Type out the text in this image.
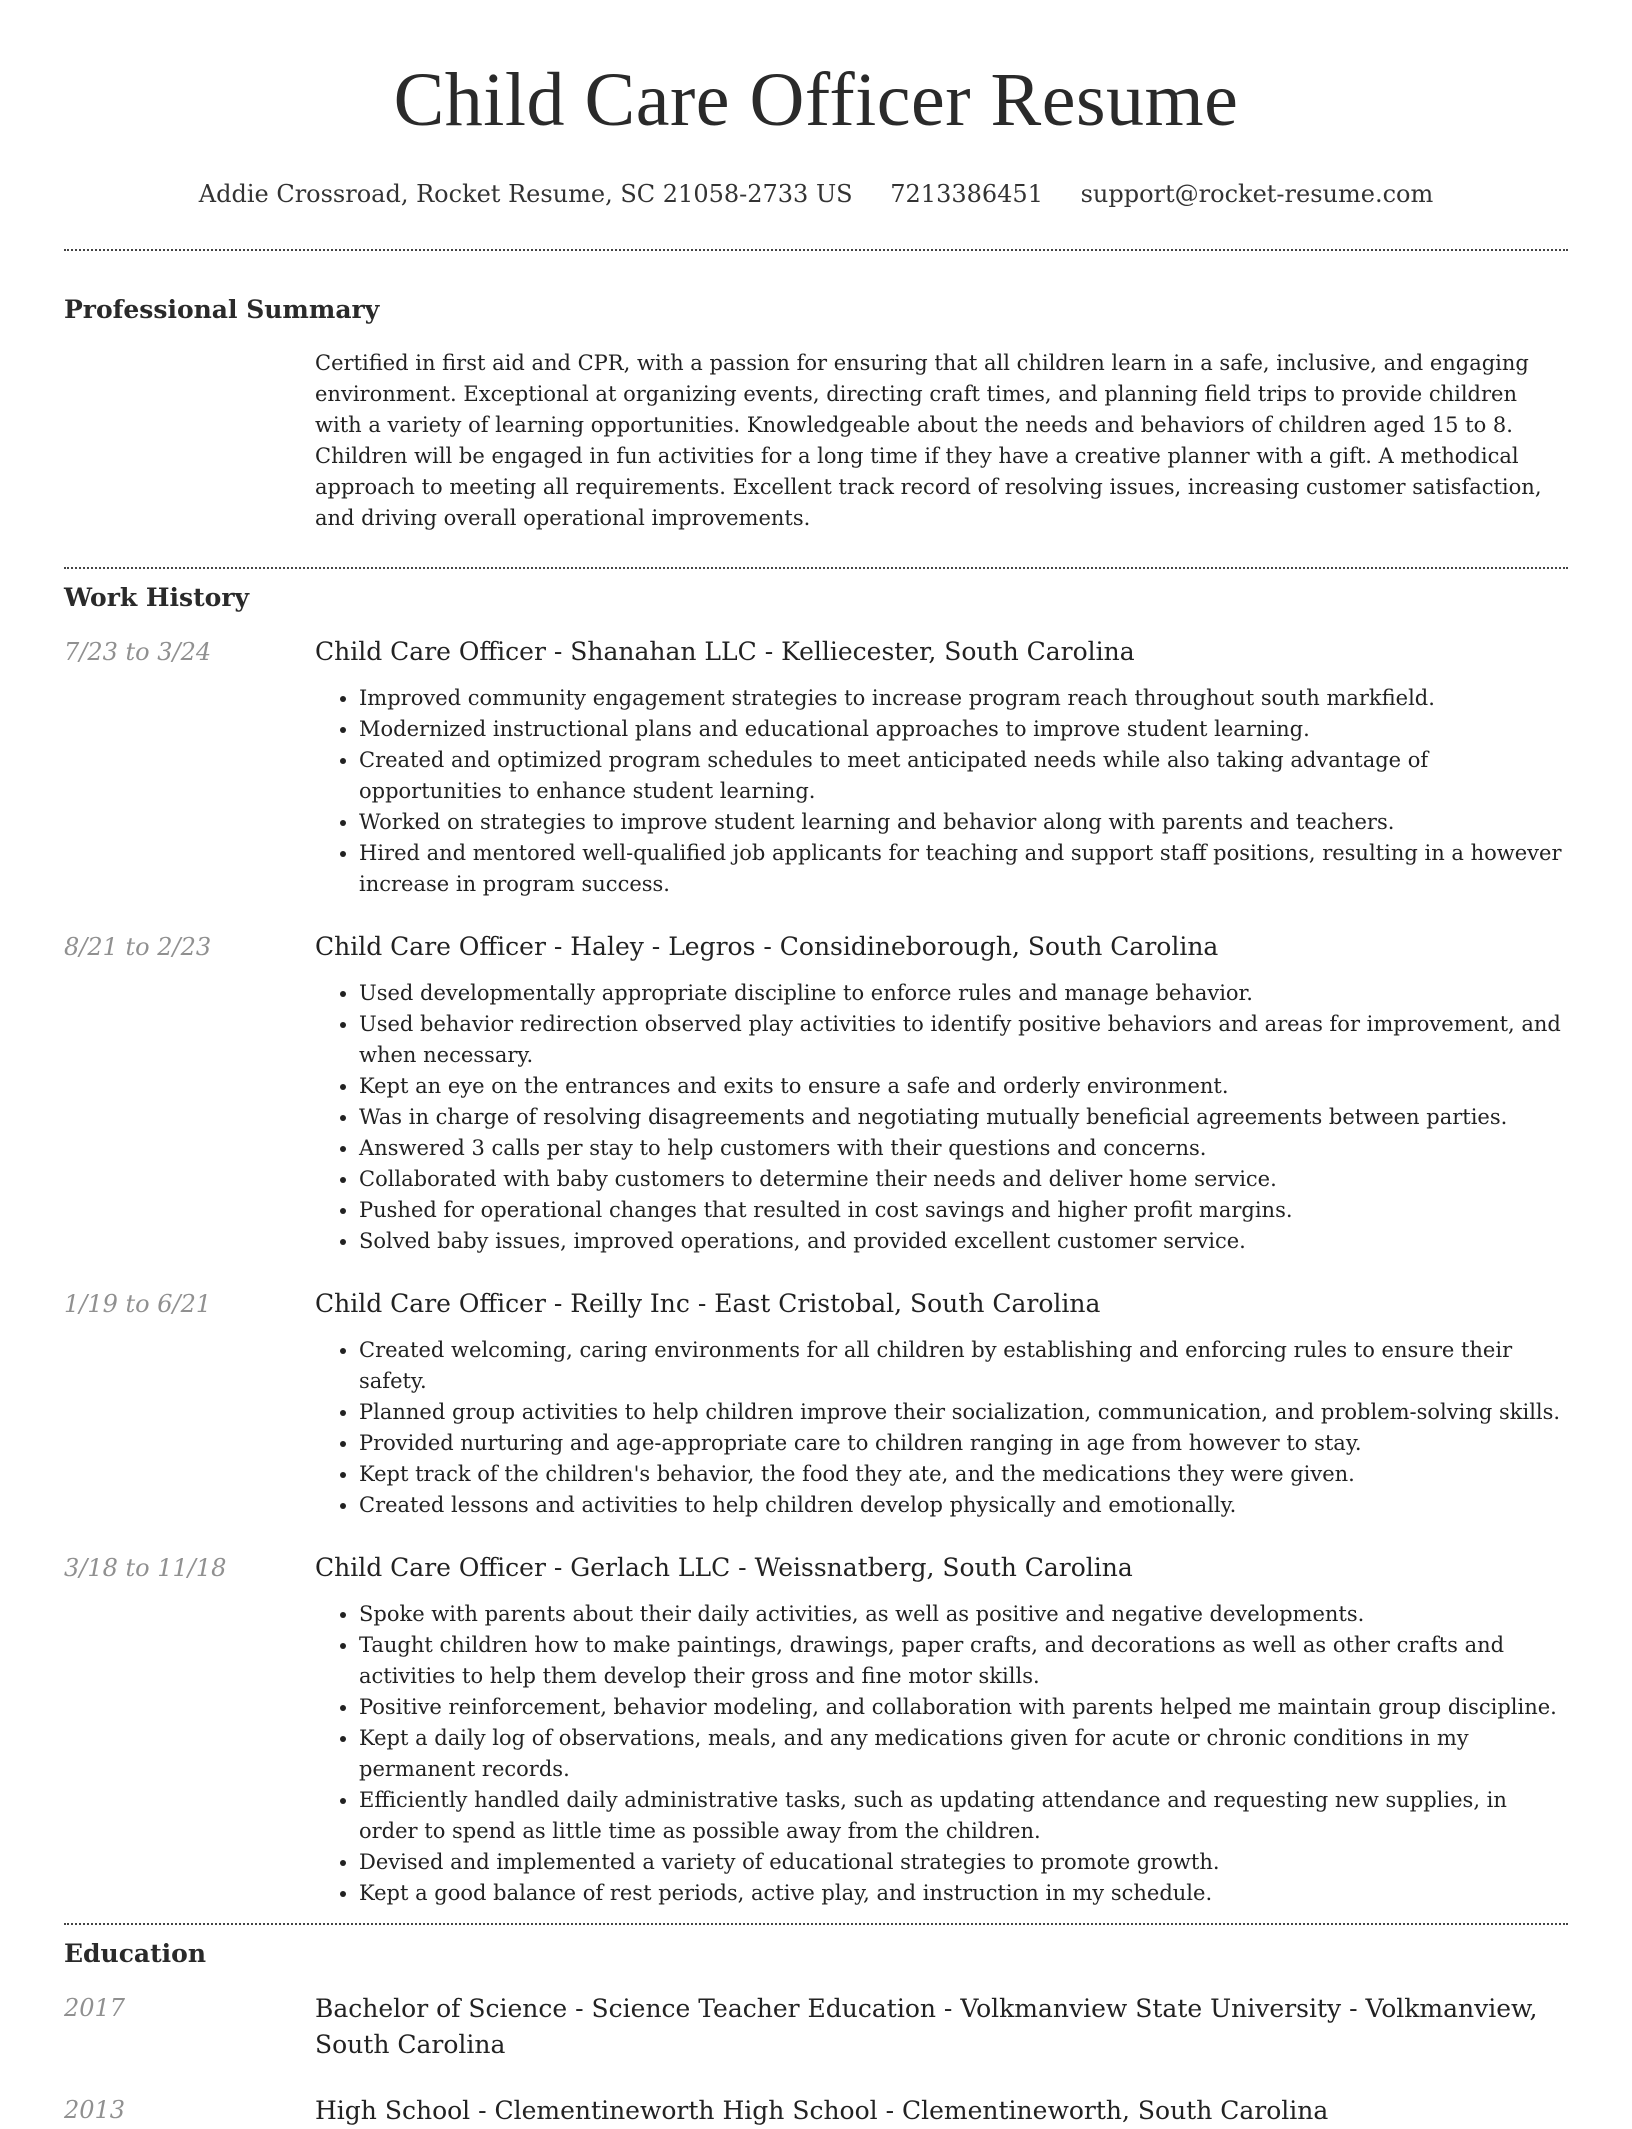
Child Care Officer Resume
Addie Crossroad, Rocket Resume, SC 21058-2733 US 7213386451 support@rocket-resume.com
Professional Summary

Certified in first aid and CPR, with a passion for ensuring that all children learn in a safe, inclusive, and engaging environment. Exceptional at organizing events, directing craft times, and planning field trips to provide children with a variety of learning opportunities. Knowledgeable about the needs and behaviors of children aged 15 to 8. Children will be engaged in fun activities for a long time if they have a creative planner with a gift. A methodical approach to meeting all requirements. Excellent track record of resolving issues, increasing customer satisfaction, and driving overall operational improvements.

Work History
7/23 to 3/24	Child Care Officer - Shanahan LLC - Kelliecester, South Carolina
• Improved community engagement strategies to increase program reach throughout south markfield.
• Modernized instructional plans and educational approaches to improve student learning.
• Created and optimized program schedules to meet anticipated needs while also taking advantage of opportunities to enhance student learning.
• Worked on strategies to improve student learning and behavior along with parents and teachers.
• Hired and mentored well-qualified job applicants for teaching and support staff positions, resulting in a however increase in program success.
8/21 to 2/23	Child Care Officer - Haley - Legros - Considineborough, South Carolina
• Used developmentally appropriate discipline to enforce rules and manage behavior.
• Used behavior redirection observed play activities to identify positive behaviors and areas for improvement, and when necessary.
• Kept an eye on the entrances and exits to ensure a safe and orderly environment.
• Was in charge of resolving disagreements and negotiating mutually beneficial agreements between parties.
• Answered 3 calls per stay to help customers with their questions and concerns.
• Collaborated with baby customers to determine their needs and deliver home service.
• Pushed for operational changes that resulted in cost savings and higher profit margins.
• Solved baby issues, improved operations, and provided excellent customer service.
1/19 to 6/21	Child Care Officer - Reilly Inc - East Cristobal, South Carolina
• Created welcoming, caring environments for all children by establishing and enforcing rules to ensure their safety.
• Planned group activities to help children improve their socialization, communication, and problem-solving skills.
• Provided nurturing and age-appropriate care to children ranging in age from however to stay.
• Kept track of the children's behavior, the food they ate, and the medications they were given.
• Created lessons and activities to help children develop physically and emotionally.
3/18 to 11/18	Child Care Officer - Gerlach LLC - Weissnatberg, South Carolina
• Spoke with parents about their daily activities, as well as positive and negative developments.
• Taught children how to make paintings, drawings, paper crafts, and decorations as well as other crafts and activities to help them develop their gross and fine motor skills.
• Positive reinforcement, behavior modeling, and collaboration with parents helped me maintain group discipline.
• Kept a daily log of observations, meals, and any medications given for acute or chronic conditions in my permanent records.
• Efficiently handled daily administrative tasks, such as updating attendance and requesting new supplies, in order to spend as little time as possible away from the children.
• Devised and implemented a variety of educational strategies to promote growth.
• Kept a good balance of rest periods, active play, and instruction in my schedule.
Education
2017	Bachelor of Science - Science Teacher Education - Volkmanview State University - Volkmanview, South Carolina
2013	High School - Clementineworth High School - Clementineworth, South Carolina
